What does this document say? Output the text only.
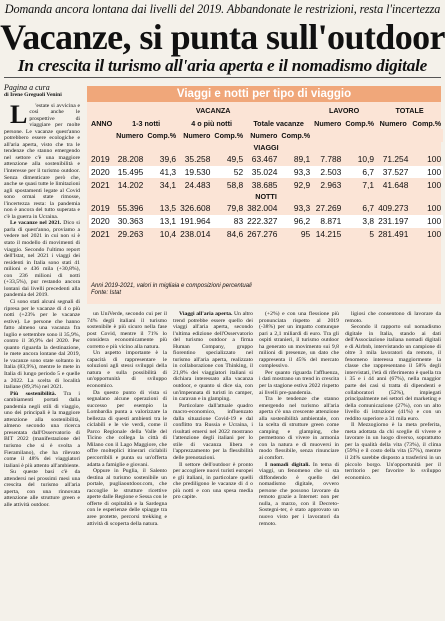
Domanda ancora lontana dai livelli del 2019. Abbandonate le restrizioni, resta l'incertezza
Vacanze, si punta sull'outdoor
In crescita il turismo all'aria aperta e il nomadismo digitale

Pagina a cura

di Irene Greguoli Venini

L 'estate si avvicina e così anche le prospettive di viaggiare per molte persone. Le vacanze quest'anno potrebbero essere ecologiche e all'aria aperta, visto che tra le tendenze che stanno emergendo nel settore c'è una maggiore attenzione alla sostenibilità e l'interesse per il turismo outdoor. Senza dimenticare però che, anche se quasi tutte le limitazioni agli spostamenti legate al Covid sono ormai state rimosse, l'incertezza resta: la pandemia non è ancora del tutto superata e c'è la guerra in Ucraina.

Le vacanze nel 2021. Dico si parla di quest'anno, proviamo a vedere nel 2021 in cui non si è stato il modello di movimenti di viaggio. Secondo l'ultimo report dell'Istat, nel 2021 i viaggi dei residenti in Italia sono stati 41 milioni e 436 mila (+30,8%), con 236 milioni di notti (+33,5%), pur restando ancora lontani dai livelli precedenti alla pandemia del 2019.

Ci sono stati alcuni segnali di ripresa per le vacanze di 4 o più notti (+23% per le vacanze estive). Le persone che hanno fatto almeno una vacanza fra luglio e settembre sono il 35,9%, contro il 36,9% del 2020. Per quanto riguarda la destinazione, le mete ancora lontane dal 2019, le vacanze sono state soltanto in Italia (83,9%), mentre le mete in Italia di lungo periodo 5 e quelle a 2022. La scelta di località italiane (89,3%) nel 2021.

Più sostenibilità. Tra i cambiamenti portati dalla pandemia negli stili di viaggio, uno dei principali è la maggiore attenzione alla sostenibilità, almeno secondo una ricerca presentata dall'Osservatorio di BIT 2022 (manifestazione del turismo che si è svolta a Fieramilano), che ha rilevato come il 48% dei viaggiatori italiani è più attento all'ambiente.

Su queste basi c'è da attendersi nei prossimi mesi una crescita del turismo all'aria aperta, con una rinnovata attenzione alle strutture green e alle attività outdoor.

Viaggi e notti per tipo di viaggio
	VACANZA						LAVORO		TOTALE	
ANNO	1-3 notti		4 o più notti		Totale vacanze		Numero	Comp.%	Numero	Comp.%
	Numero	Comp.%	Numero	Comp.%	Numero	Comp.%				
VIAGGI										
2019	28.208	39,6	35.258	49,5	63.467	89,1	7.788	10,9	71.254	100
2020	15.495	41,3	19.530	52	35.024	93,3	2.503	6,7	37.527	100
2021	14.202	34,1	24.483	58,8	38.685	92,9	2.963	7,1	41.648	100
NOTTI										
2019	55.396	13,5	326.608	79,8	382.004	93,3	27.269	6,7	409.273	100
2020	30.363	13,1	191.964	83	222.327	96,2	8.871	3,8	231.197	100
2021	29.263	10,4	238.014	84,6	267.276	95	14.215	5	281.491	100
Anni 2019-2021, valori in migliaia e composizioni percentuali
Fonte: Istat

un UniVerde, secondo cui per il 74% degli italiani il turismo sostenibile è più sicuro nella fase post Covid, mentre il 71% lo considera economicamente più corretto e più vicino alla natura.

Un aspetto importante è la capacità di rappresentare le soluzioni agli stessi sviluppi della natura e sulla possibilità di un'opportunità di sviluppo economico.

Da questo punto di vista si segnalano alcune operazioni di successo per esempio la Lombardia punta a valorizzare la bellezza di questi ambienti tra le ciclabili e le vie verdi, come il Parco Regionale della Valle del Ticino che collega la città di Milano con il Lago Maggiore, che offre molteplici itinerari ciclabili percorribili e punta su un'offerta adatta a famiglie e giovani.

Oppure in Puglia, il Salento destina al turismo sostenibile un portale, pugliaoutdoor.com, che raccoglie le strutture ricettive aperte dalle Regione e Sessa con le offerte di ospitalità e la Sardegna con le esperienze delle spiagge tra aree protette, percorsi trekking e attività di scoperta della natura.

Viaggi all'aria aperta. Un altro trend potrebbe essere quello dei viaggi all'aria aperta, secondo l'ultima edizione dell'Osservatorio del turismo outdoor a firma Human Company, gruppo fiorentino specializzato nel turismo all'aria aperta, realizzato in collaborazione con Thinking, il 21,8% dei viaggiatori italiani si dichiara interessato alla vacanza outdoor, e quanto si dice sia, con un'impennata di turisti in camper, in caravan e in glamping.

Particolare dall'attuale quadro macro-economico, influenzato dalla situazione Covid-19 e dal conflitto tra Russia e Ucraina, i risultati emersi nel 2022 mostrano l'attenzione degli italiani per lo stile di vacanza libera e l'apprezzamento per la flessibilità delle prenotazioni.

Il settore dell'outdoor è pronto per accogliere nuovi turisti europei e gli italiani, in particolare quelli che prediligono le vacanze di 4 o più notti e con una spesa media pro capite.

(+2%) e con una flessione più pronunciata rispetto al 2019 (-38%) per un impatto comunque pari a 2,1 miliardi di euro. Tra gli ospiti stranieri, il turismo outdoor ha generato un movimento sui 9,8 milioni di presenze, un dato che rappresenta il 45% del mercato complessivo.

Per quanto riguarda l'affluenza, i dati mostrano un trend in crescita per la stagione estiva 2022 rispetto ai livelli pre-pandemia.

Tra le tendenze che stanno emergendo nel turismo all'aria aperta c'è una crescente attenzione alla sostenibilità ambientale, con la scelta di strutture green come camping e glamping, che permettono di vivere in armonia con la natura e di muoversi in modo flessibile, senza rinunciare ai comfort.

I nomadi digitali. In tema di viaggi, un fenomeno che si sta diffondendo è quello del nomadismo digitale, ovvero persone che possono lavorare da remoto grazie a Internet: non per nulla, a marzo, con il Decreto-Sostegni-ter, è stato approvato un nuovo visto per i lavoratori da remoto.

ligiosi che consentono di lavorare da remoto.

Secondo il rapporto sul nomadismo digitale in Italia, stando ai dati dell'Associazione italiana nomadi digitali e di Airbnb, intervistando un campione di oltre 3 mila lavoratori da remoto, il fenomeno interessa maggiormente la classe che rappresentano il 58% degli intervistati, l'età di riferimento è quella tra i 35 e i 44 anni (67%), nella maggior parte dei casi si tratta di dipendenti e collaboratori (52%), impiegati principalmente nei settori del marketing e della comunicazione (27%), con un alto livello di istruzione (41%) e con un reddito superiore a 31 mila euro.

Il Mezzogiorno è la meta preferita, meta adottata da chi sceglie di vivere e lavorare in un luogo diverso, soprattutto per la qualità della vita (73%), il clima (59%) e il costo della vita (57%), mentre il 24% sarebbe disposto a trasferirsi in un piccolo borgo. Un'opportunità per il territorio per favorire lo sviluppo economico.
